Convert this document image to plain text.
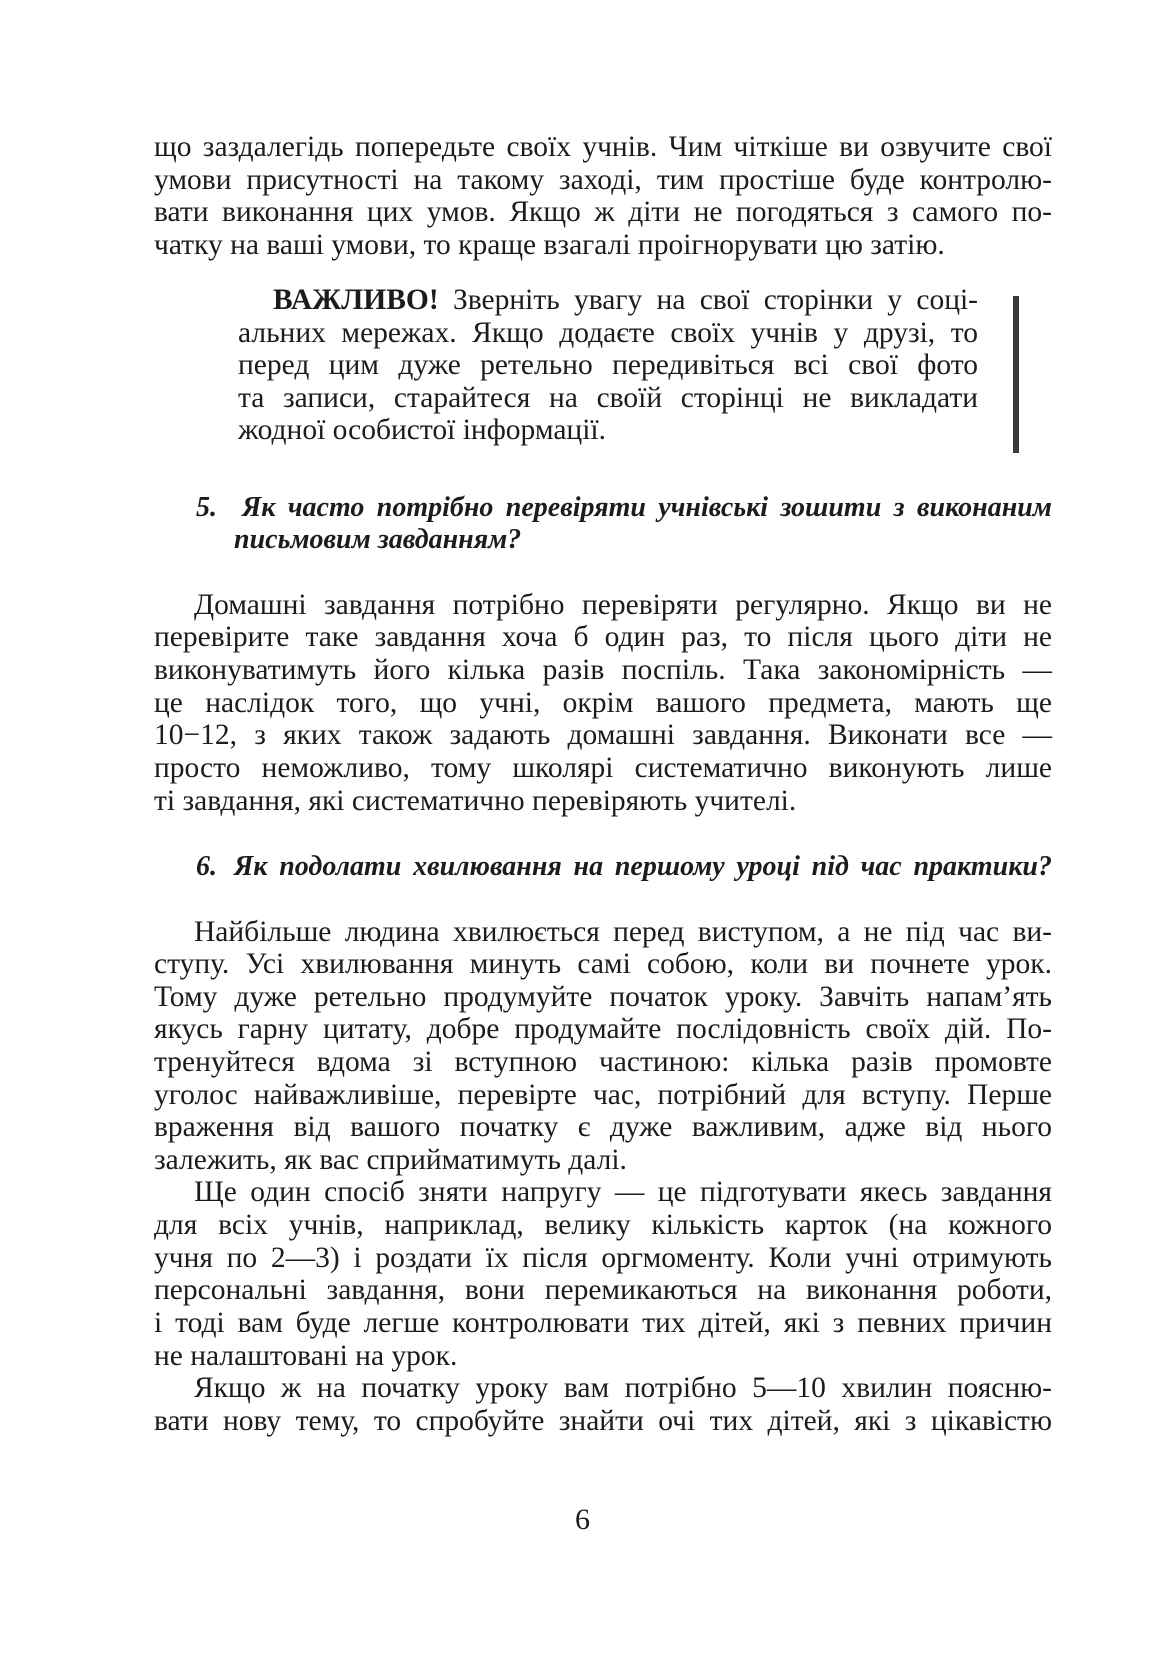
що заздалегідь попередьте своїх учнів. Чим чіткіше ви озвучите свої
умови присутності на такому заході, тим простіше буде контролю-
вати виконання цих умов. Якщо ж діти не погодяться з самого по-
чатку на ваші умови, то краще взагалі проігнорувати цю затію.
ВАЖЛИВО! Зверніть увагу на свої сторінки у соці-
альних мережах. Якщо додаєте своїх учнів у друзі, то
перед цим дуже ретельно передивіться всі свої фото
та записи, старайтеся на своїй сторінці не викладати
жодної особистої інформації.
5. Як часто потрібно перевіряти учнівські зошити з виконаним
письмовим завданням?
Домашні завдання потрібно перевіряти регулярно. Якщо ви не
перевірите таке завдання хоча б один раз, то після цього діти не
виконуватимуть його кілька разів поспіль. Така закономірність —
це наслідок того, що учні, окрім вашого предмета, мають ще
10−12, з яких також задають домашні завдання. Виконати все —
просто неможливо, тому школярі систематично виконують лише
ті завдання, які систематично перевіряють учителі.
6. Як подолати хвилювання на першому уроці під час практики?
Найбільше людина хвилюється перед виступом, а не під час ви-
ступу. Усі хвилювання минуть самі собою, коли ви почнете урок.
Тому дуже ретельно продумуйте початок уроку. Завчіть напам’ять
якусь гарну цитату, добре продумайте послідовність своїх дій. По-
тренуйтеся вдома зі вступною частиною: кілька разів промовте
уголос найважливіше, перевірте час, потрібний для вступу. Перше
враження від вашого початку є дуже важливим, адже від нього
залежить, як вас сприйматимуть далі.
Ще один спосіб зняти напругу — це підготувати якесь завдання
для всіх учнів, наприклад, велику кількість карток (на кожного
учня по 2—3) і роздати їх після оргмоменту. Коли учні отримують
персональні завдання, вони перемикаються на виконання роботи,
і тоді вам буде легше контролювати тих дітей, які з певних причин
не налаштовані на урок.
Якщо ж на початку уроку вам потрібно 5—10 хвилин поясню-
вати нову тему, то спробуйте знайти очі тих дітей, які з цікавістю
6
